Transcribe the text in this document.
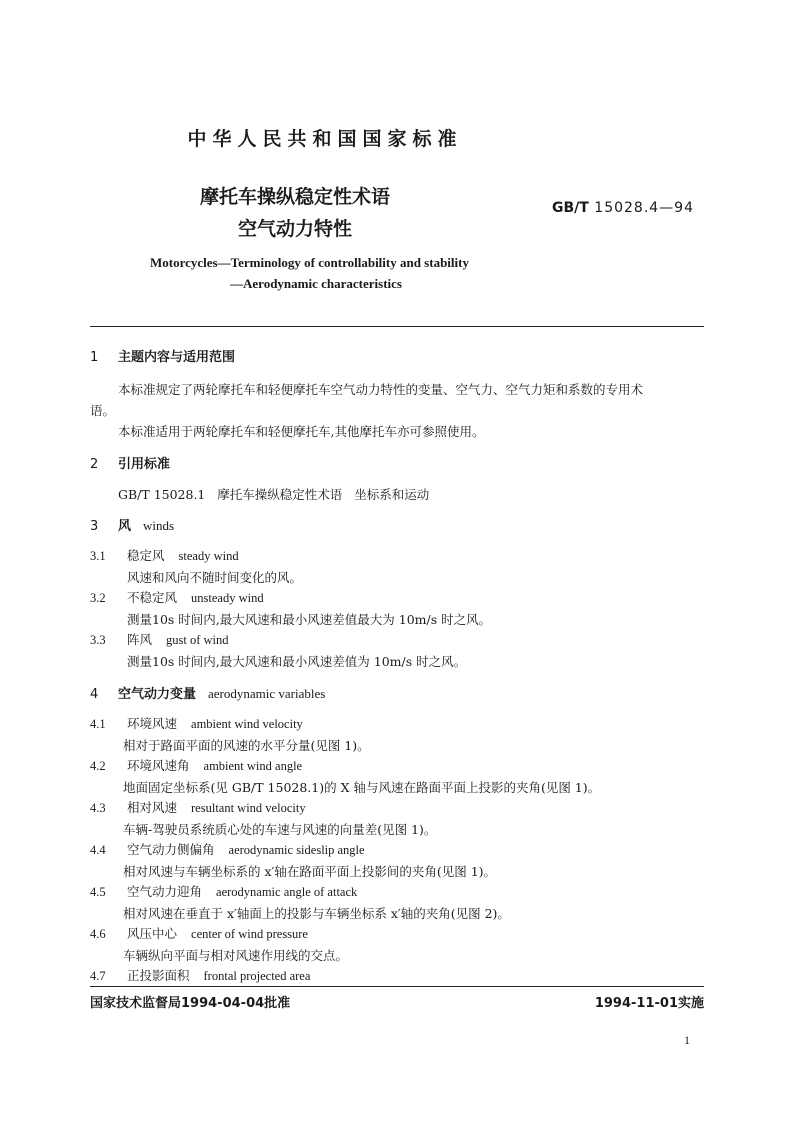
中华人民共和国国家标准
摩托车操纵稳定性术语
空气动力特性
GB/T 15028.4—94
Motorcycles—Terminology of controllability and stability
—Aerodynamic characteristics
1 主题内容与适用范围
本标准规定了两轮摩托车和轻便摩托车空气动力特性的变量、空气力、空气力矩和系数的专用术
语。
本标准适用于两轮摩托车和轻便摩托车,其他摩托车亦可参照使用。
2 引用标准
GB/T 15028.1   摩托车操纵稳定性术语   坐标系和运动
3 风 winds
3.1 稳定风 steady wind
风速和风向不随时间变化的风。
3.2 不稳定风 unsteady wind
测量10s 时间内,最大风速和最小风速差值最大为 10m/s 时之风。
3.3 阵风 gust of wind
测量10s 时间内,最大风速和最小风速差值为 10m/s 时之风。
4 空气动力变量 aerodynamic variables
4.1 环境风速 ambient wind velocity
相对于路面平面的风速的水平分量(见图 1)。
4.2 环境风速角 ambient wind angle
地面固定坐标系(见 GB/T 15028.1)的 X 轴与风速在路面平面上投影的夹角(见图 1)。
4.3 相对风速 resultant wind velocity
车辆-驾驶员系统质心处的车速与风速的向量差(见图 1)。
4.4 空气动力侧偏角 aerodynamic sideslip angle
相对风速与车辆坐标系的 x′轴在路面平面上投影间的夹角(见图 1)。
4.5 空气动力迎角 aerodynamic angle of attack
相对风速在垂直于 x′轴面上的投影与车辆坐标系 x′轴的夹角(见图 2)。
4.6 风压中心 center of wind pressure
车辆纵向平面与相对风速作用线的交点。
4.7 正投影面积 frontal projected area
国家技术监督局1994-04-04批准	1994-11-01实施
1
